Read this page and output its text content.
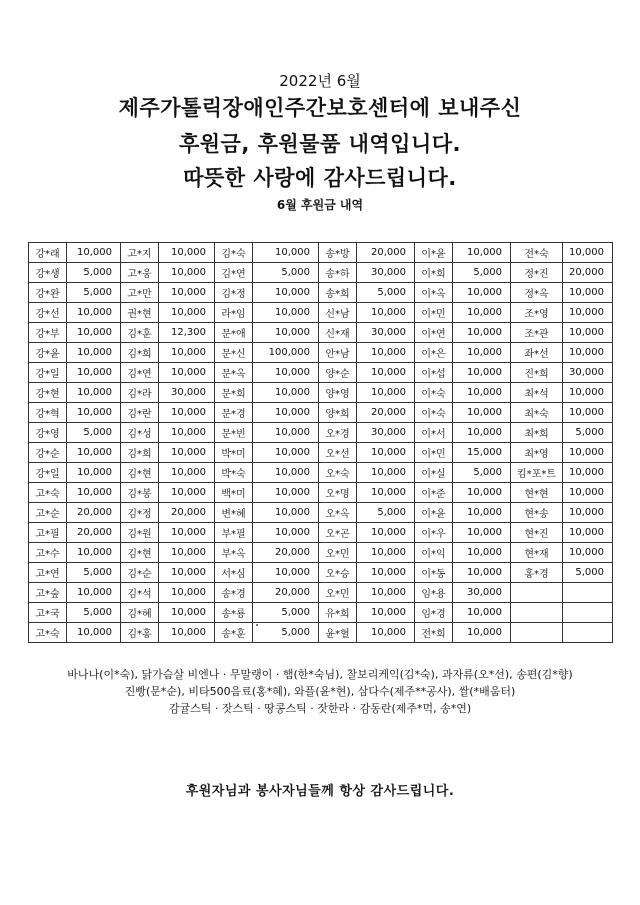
2022년 6월
제주가톨릭장애인주간보호센터에 보내주신
후원금, 후원물품 내역입니다.
따뜻한 사랑에 감사드립니다.
6월 후원금 내역
강*래	10,000	고*지	10,000	김*숙	10,000	송*방	20,000	이*윤	10,000	전*숙	10,000
강*생	5,000	고*웅	10,000	김*연	5,000	송*하	30,000	이*희	5,000	정*진	20,000
강*완	5,000	고*만	10,000	김*정	10,000	송*희	5,000	이*옥	10,000	정*옥	10,000
강*선	10,000	권*현	10,000	라*임	10,000	신*남	10,000	이*민	10,000	조*영	10,000
강*부	10,000	김*훈	12,300	문*애	10,000	신*재	30,000	이*연	10,000	조*관	10,000
강*윤	10,000	김*희	10,000	문*신	100,000	안*남	10,000	이*은	10,000	좌*선	10,000
강*일	10,000	김*연	10,000	문*옥	10,000	양*순	10,000	이*섭	10,000	진*희	30,000
강*현	10,000	김*라	30,000	문*희	10,000	양*영	10,000	이*숙	10,000	최*석	10,000
강*혁	10,000	김*란	10,000	문*경	10,000	양*희	20,000	이*숙	10,000	최*숙	10,000
강*영	5,000	김*성	10,000	문*빈	10,000	오*경	30,000	이*서	10,000	최*희	5,000
강*순	10,000	김*희	10,000	박*미	10,000	오*선	10,000	이*민	15,000	최*영	10,000
강*일	10,000	김*현	10,000	박*숙	10,000	오*숙	10,000	이*실	5,000	킴*포*트	10,000
고*숙	10,000	김*봉	10,000	백*미	10,000	오*명	10,000	이*준	10,000	현*현	10,000
고*순	20,000	김*정	20,000	변*혜	10,000	오*옥	5,000	이*윤	10,000	현*송	10,000
고*필	20,000	김*원	10,000	부*필	10,000	오*곤	10,000	이*우	10,000	현*진	10,000
고*수	10,000	김*현	10,000	부*옥	20,000	오*민	10,000	이*익	10,000	현*재	10,000
고*연	5,000	김*순	10,000	서*심	10,000	오*승	10,000	이*동	10,000	홍*경	5,000
고*숲	10,000	김*석	10,000	송*경	20,000	오*민	10,000	임*용	30,000		
고*국	5,000	김*혜	10,000	송*룡	5,000	유*희	10,000	임*경	10,000		
고*숙	10,000	김*홍	10,000	송*훈	5,000	윤*혈	10,000	전*희	10,000		
바나나(이*숙), 닭가슴살 비엔나 · 무말랭이 · 햄(한*숙님), 찰보리케익(김*숙), 과자류(오*선), 송편(김*향)
진빵(문*순), 비타500음료(홍*혜), 와플(윤*현), 삼다수(제주**공사), 쌀(*배움터)
감귤스틱 · 잣스틱 · 땅콩스틱 · 잣한라 · 감동란(제주*먹, 송*연)
후원자님과 봉사자님들께 항상 감사드립니다.
